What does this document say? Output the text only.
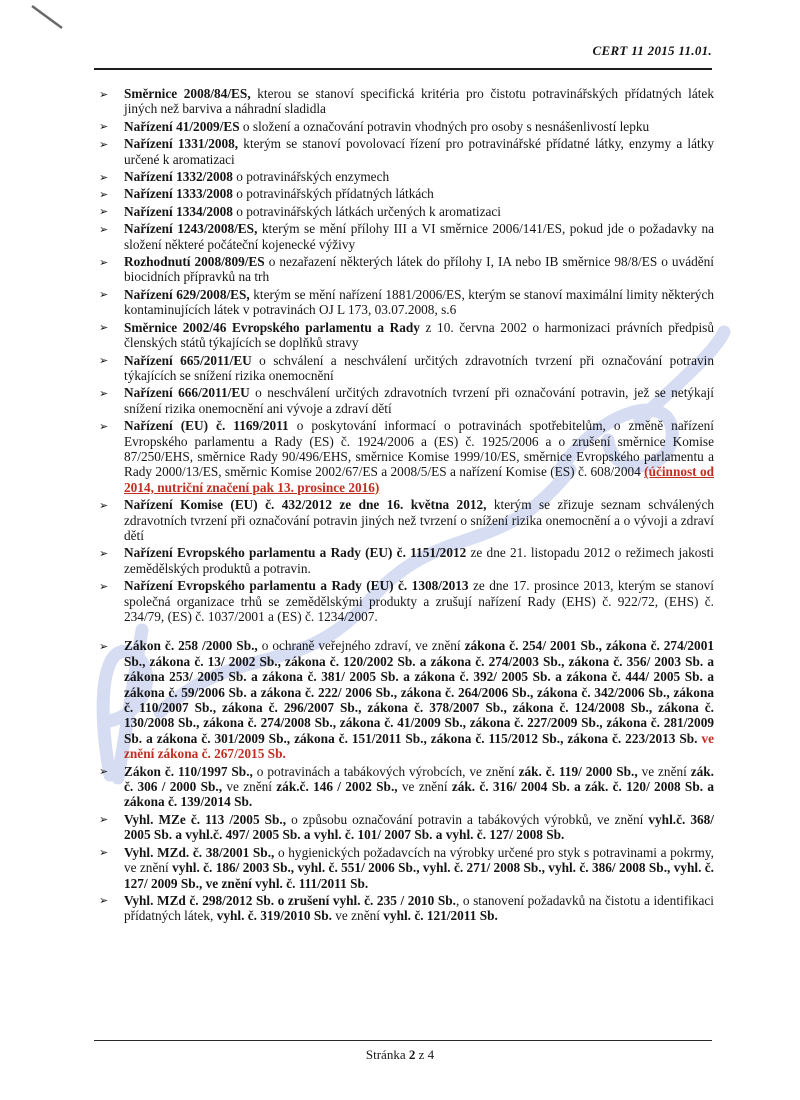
CERT 11 2015 11.01.
➢ Směrnice 2008/84/ES, kterou se stanoví specifická kritéria pro čistotu potravinářských přídatných látek jiných než barviva a náhradní sladidla
➢ Nařízení 41/2009/ES o složení a označování potravin vhodných pro osoby s nesnášenlivostí lepku
➢ Nařízení 1331/2008, kterým se stanoví povolovací řízení pro potravinářské přídatné látky, enzymy a látky určené k aromatizaci
➢ Nařízení 1332/2008 o potravinářských enzymech
➢ Nařízení 1333/2008 o potravinářských přídatných látkách
➢ Nařízení 1334/2008 o potravinářských látkách určených k aromatizaci
➢ Nařízení 1243/2008/ES, kterým se mění přílohy III a VI směrnice 2006/141/ES, pokud jde o požadavky na složení některé počáteční kojenecké výživy
➢ Rozhodnutí 2008/809/ES o nezařazení některých látek do přílohy I, IA nebo IB směrnice 98/8/ES o uvádění biocidních přípravků na trh
➢ Nařízení 629/2008/ES, kterým se mění nařízení 1881/2006/ES, kterým se stanoví maximální limity některých kontaminujících látek v potravinách OJ L 173, 03.07.2008, s.6
➢ Směrnice 2002/46 Evropského parlamentu a Rady z 10. června 2002 o harmonizaci právních předpisů členských států týkajících se doplňků stravy
➢ Nařízení 665/2011/EU o schválení a neschválení určitých zdravotních tvrzení při označování potravin týkajících se snížení rizika onemocnění
➢ Nařízení 666/2011/EU o neschválení určitých zdravotních tvrzení při označování potravin, jež se netýkají snížení rizika onemocnění ani vývoje a zdraví dětí
➢ Nařízení (EU) č. 1169/2011 o poskytování informací o potravinách spotřebitelům, o změně nařízení Evropského parlamentu a Rady (ES) č. 1924/2006 a (ES) č. 1925/2006 a o zrušení směrnice Komise 87/250/EHS, směrnice Rady 90/496/EHS, směrnice Komise 1999/10/ES, směrnice Evropského parlamentu a Rady 2000/13/ES, směrnic Komise 2002/67/ES a 2008/5/ES a nařízení Komise (ES) č. 608/2004 (účinnost od 2014, nutriční značení pak 13. prosince 2016)
➢ Nařízení Komise (EU) č. 432/2012 ze dne 16. května 2012, kterým se zřizuje seznam schválených zdravotních tvrzení při označování potravin jiných než tvrzení o snížení rizika onemocnění a o vývoji a zdraví dětí
➢ Nařízení Evropského parlamentu a Rady (EU) č. 1151/2012 ze dne 21. listopadu 2012 o režimech jakosti zemědělských produktů a potravin.
➢ Nařízení Evropského parlamentu a Rady (EU) č. 1308/2013 ze dne 17. prosince 2013, kterým se stanoví společná organizace trhů se zemědělskými produkty a zrušují nařízení Rady (EHS) č. 922/72, (EHS) č. 234/79, (ES) č. 1037/2001 a (ES) č. 1234/2007.
➢ Zákon č. 258 /2000 Sb., o ochraně veřejného zdraví, ve znění zákona č. 254/ 2001 Sb., zákona č. 274/2001 Sb., zákona č. 13/ 2002 Sb., zákona č. 120/2002 Sb. a zákona č. 274/2003 Sb., zákona č. 356/ 2003 Sb. a zákona 253/ 2005 Sb. a zákona č. 381/ 2005 Sb. a zákona č. 392/ 2005 Sb. a zákona č. 444/ 2005 Sb. a zákona č. 59/2006 Sb. a zákona č. 222/ 2006 Sb., zákona č. 264/2006 Sb., zákona č. 342/2006 Sb., zákona č. 110/2007 Sb., zákona č. 296/2007 Sb., zákona č. 378/2007 Sb., zákona č. 124/2008 Sb., zákona č. 130/2008 Sb., zákona č. 274/2008 Sb., zákona č. 41/2009 Sb., zákona č. 227/2009 Sb., zákona č. 281/2009 Sb. a zákona č. 301/2009 Sb., zákona č. 151/2011 Sb., zákona č. 115/2012 Sb., zákona č. 223/2013 Sb. ve znění zákona č. 267/2015 Sb.
➢ Zákon č. 110/1997 Sb., o potravinách a tabákových výrobcích, ve znění zák. č. 119/ 2000 Sb., ve znění zák. č. 306 / 2000 Sb., ve znění zák.č. 146 / 2002 Sb., ve znění zák. č. 316/ 2004 Sb. a zák. č. 120/ 2008 Sb. a zákona č. 139/2014 Sb.
➢ Vyhl. MZe č. 113 /2005 Sb., o způsobu označování potravin a tabákových výrobků, ve znění vyhl.č. 368/ 2005 Sb. a vyhl.č. 497/ 2005 Sb. a vyhl. č. 101/ 2007 Sb. a vyhl. č. 127/ 2008 Sb.
➢ Vyhl. MZd. č. 38/2001 Sb., o hygienických požadavcích na výrobky určené pro styk s potravinami a pokrmy, ve znění vyhl. č. 186/ 2003 Sb., vyhl. č. 551/ 2006 Sb., vyhl. č. 271/ 2008 Sb., vyhl. č. 386/ 2008 Sb., vyhl. č. 127/ 2009 Sb., ve znění vyhl. č. 111/2011 Sb.
➢ Vyhl. MZd č. 298/2012 Sb. o zrušení vyhl. č. 235 / 2010 Sb., o stanovení požadavků na čistotu a identifikaci přídatných látek, vyhl. č. 319/2010 Sb. ve znění vyhl. č. 121/2011 Sb.
Stránka 2 z 4
